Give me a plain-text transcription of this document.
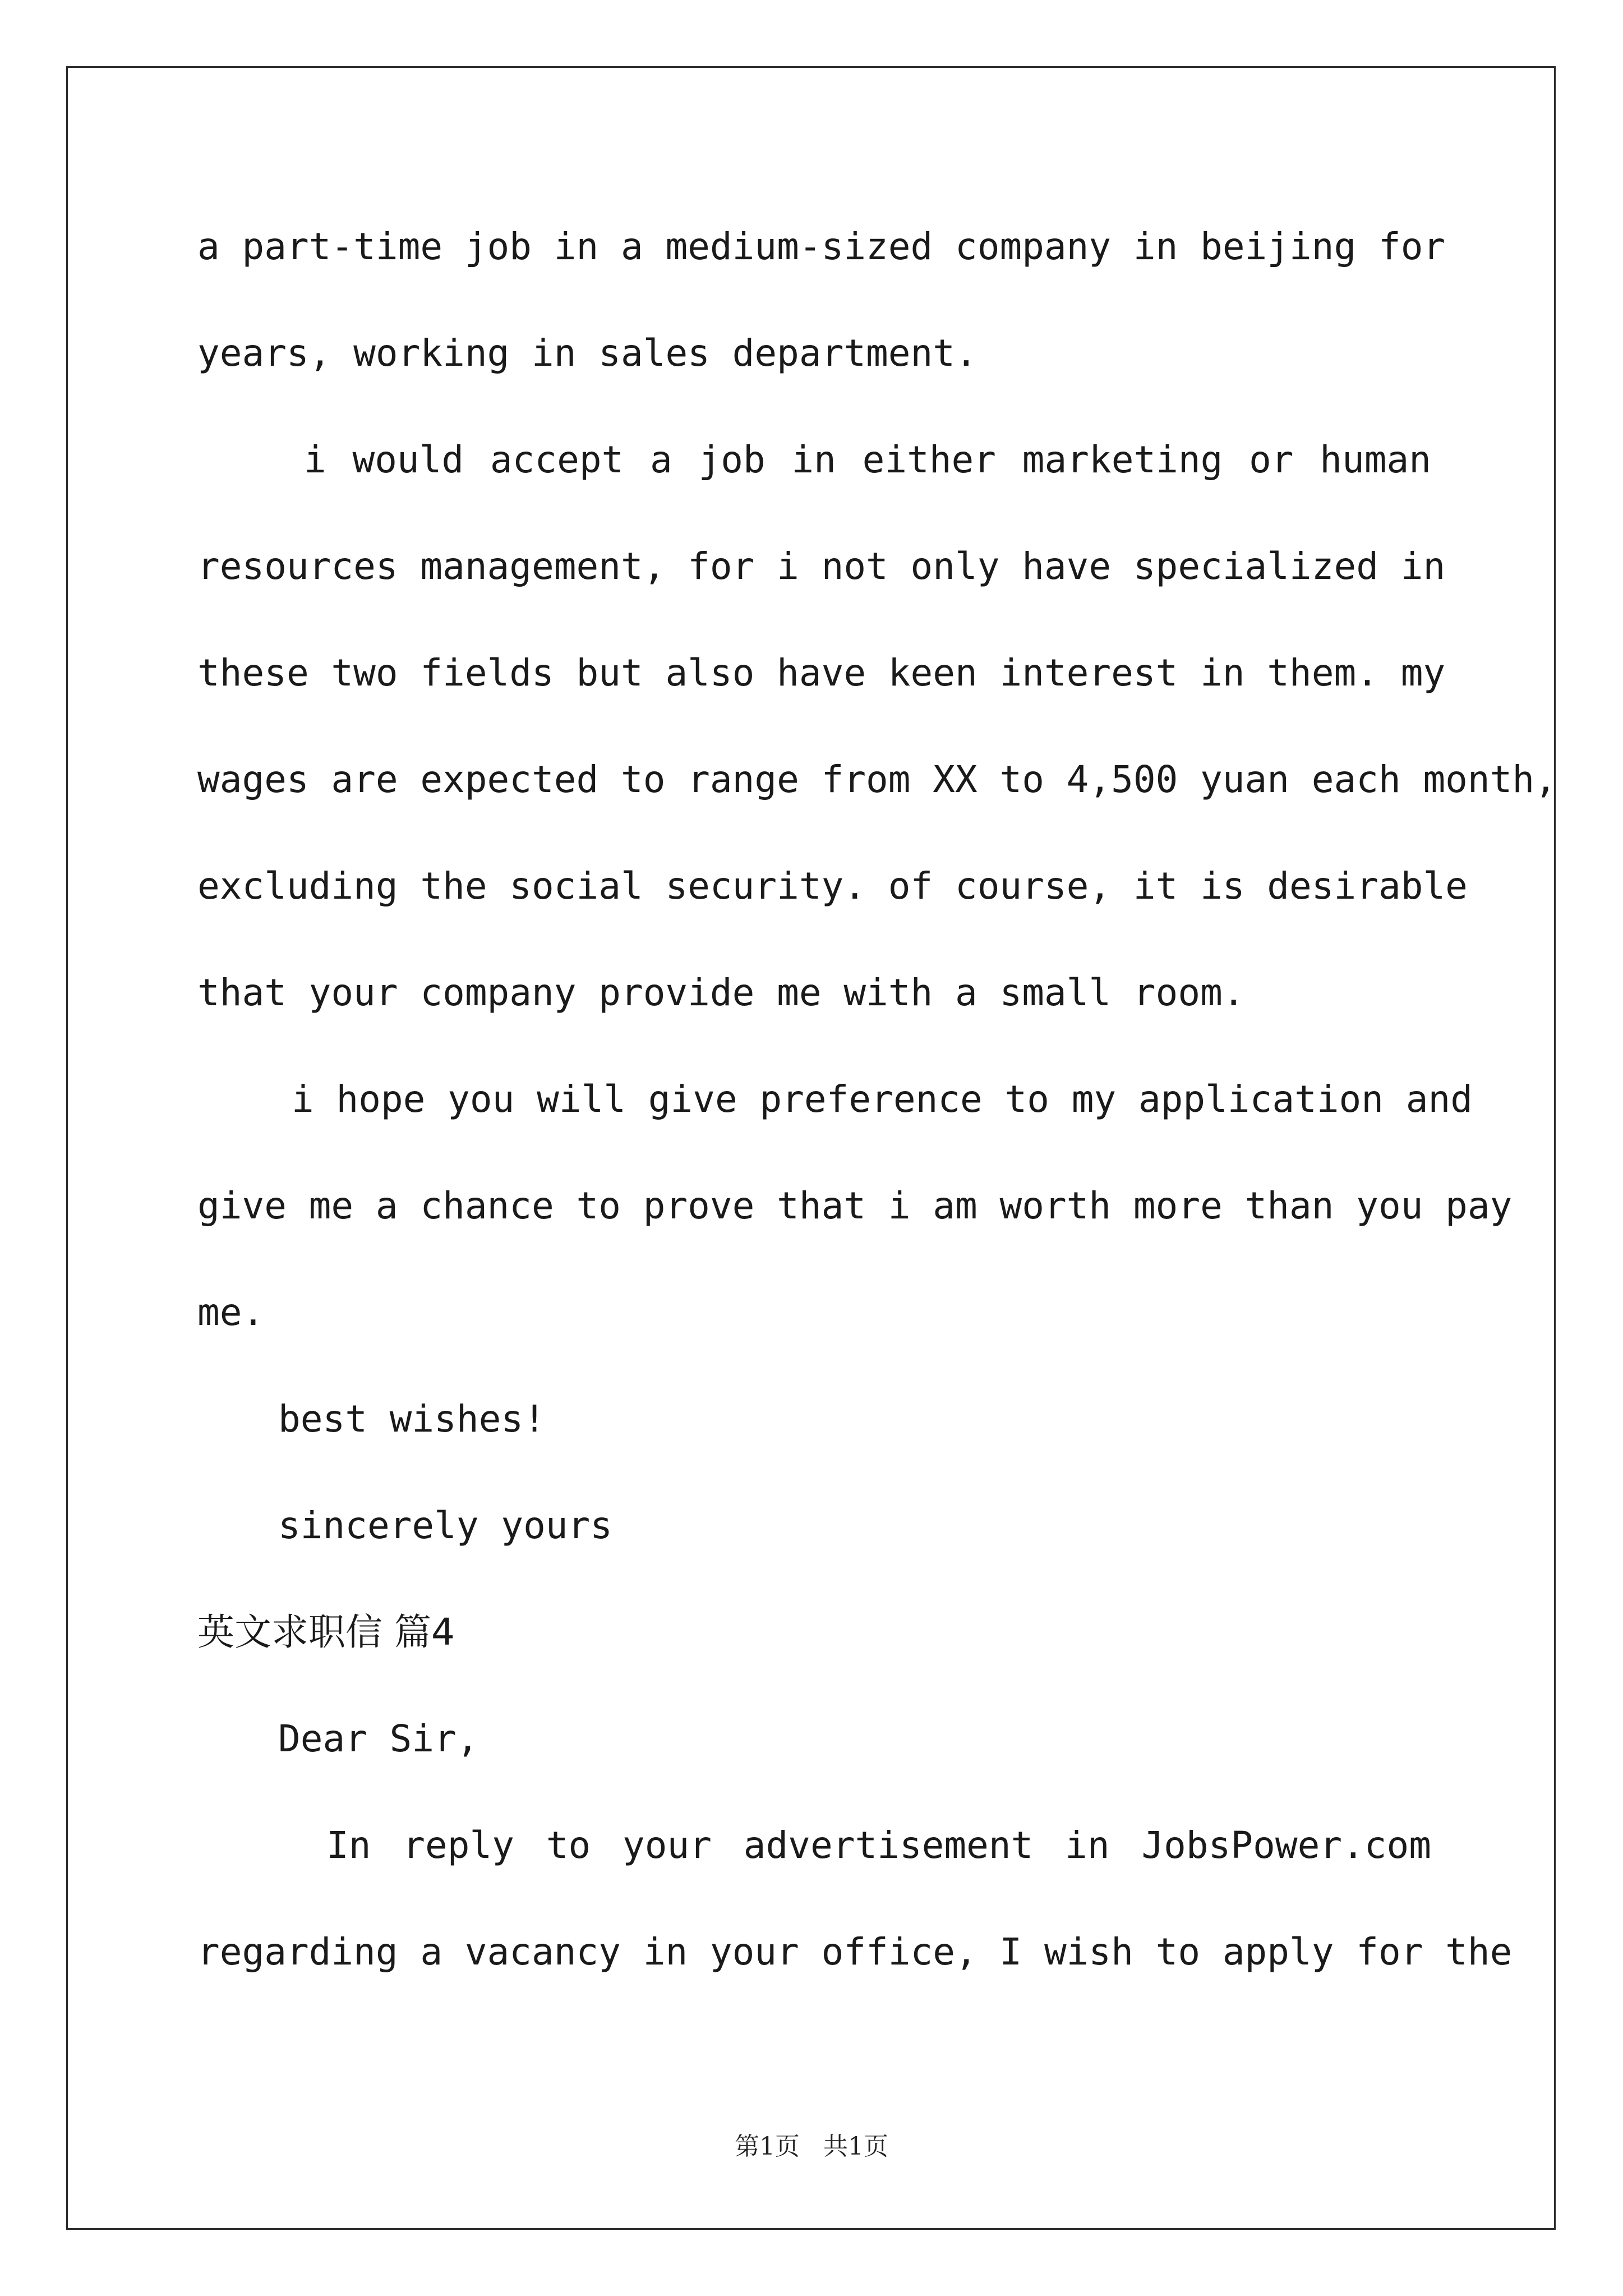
a part-time job in a medium-sized company in beijing for
years, working in sales department.
i would accept a job in either marketing or human
resources management, for i not only have specialized in
these two fields but also have keen interest in them. my
wages are expected to range from XX to 4,500 yuan each month,
excluding the social security. of course, it is desirable
that your company provide me with a small room.
i hope you will give preference to my application and
give me a chance to prove that i am worth more than you pay
me.
best wishes!
sincerely yours
英文求职信 篇4
Dear Sir,
In reply to your advertisement in JobsPower.com
regarding a vacancy in your office, I wish to apply for the
第1页   共1页
